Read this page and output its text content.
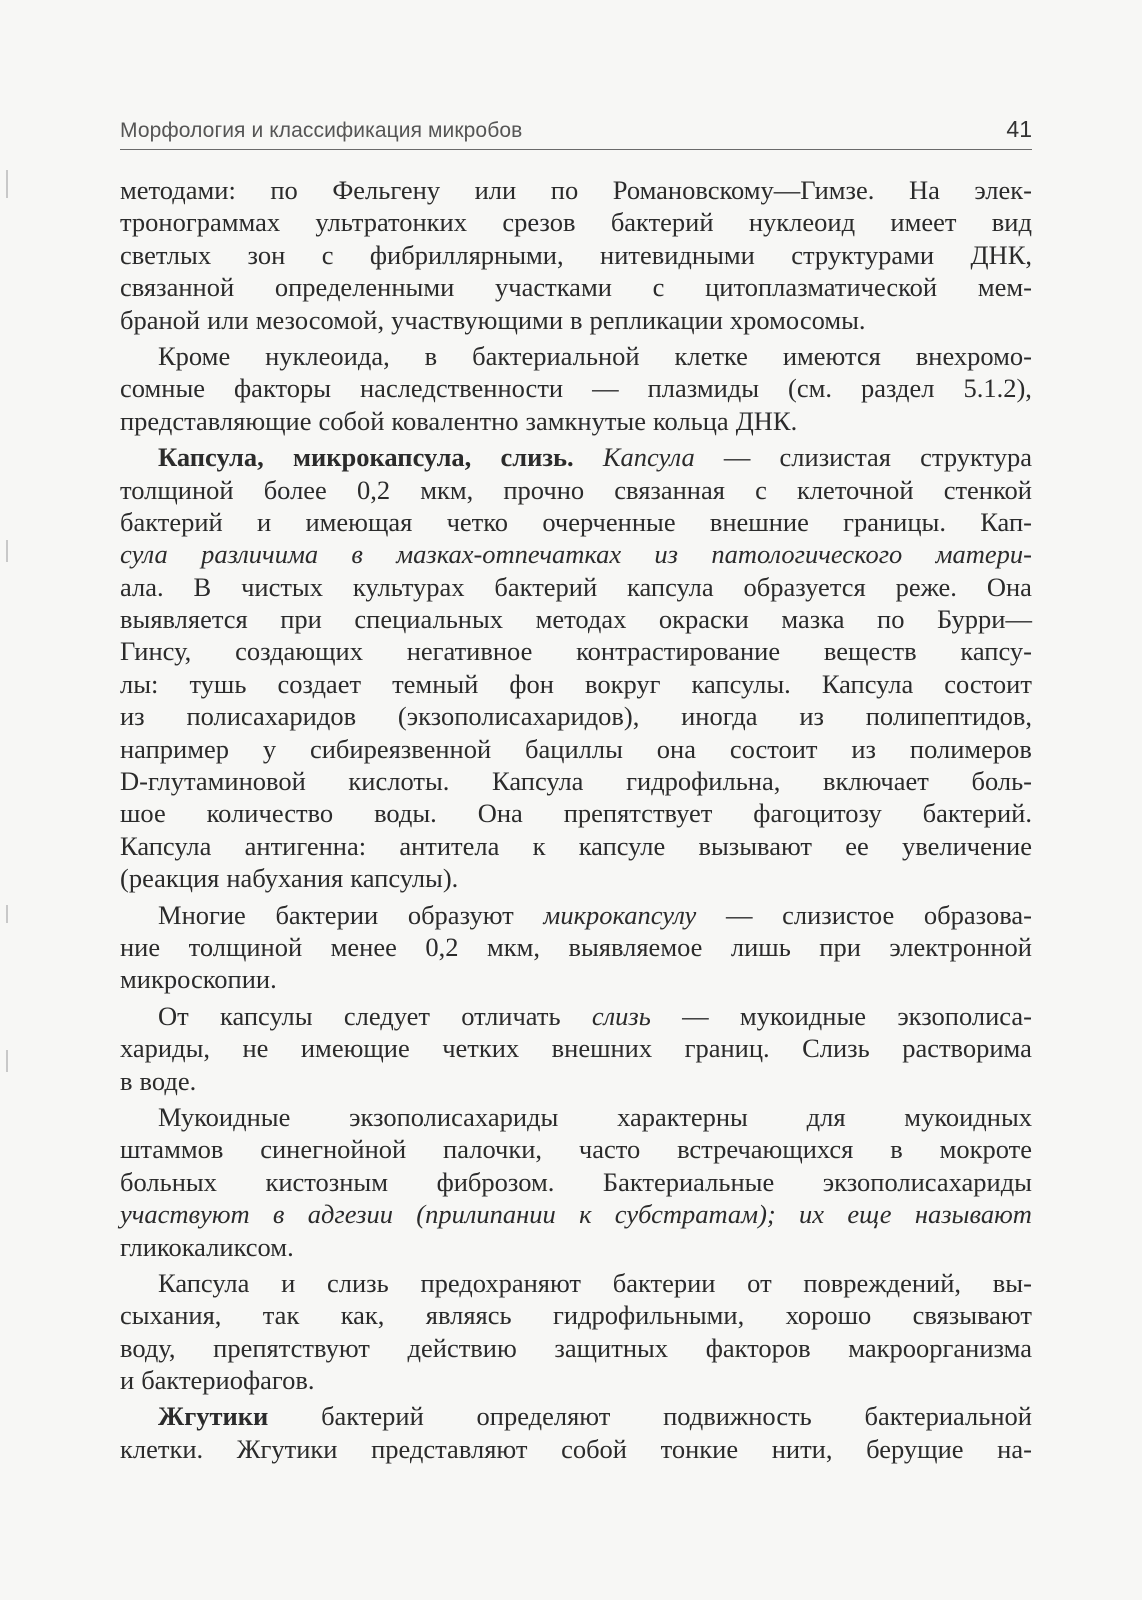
Морфология и классификация микробов	41
методами: по Фельгену или по Романовскому—Гимзе. На элек-
тронограммах ультратонких срезов бактерий нуклеоид имеет вид
светлых зон с фибриллярными, нитевидными структурами ДНК,
связанной определенными участками с цитоплазматической мем-
браной или мезосомой, участвующими в репликации хромосомы.
Кроме нуклеоида, в бактериальной клетке имеются внехромо-
сомные факторы наследственности — плазмиды (см. раздел 5.1.2),
представляющие собой ковалентно замкнутые кольца ДНК.
Капсула, микрокапсула, слизь. Капсула — слизистая структура
толщиной более 0,2 мкм, прочно связанная с клеточной стенкой
бактерий и имеющая четко очерченные внешние границы. Кап-
сула различима в мазках-отпечатках из патологического матери-
ала. В чистых культурах бактерий капсула образуется реже. Она
выявляется при специальных методах окраски мазка по Бурри—
Гинсу, создающих негативное контрастирование веществ капсу-
лы: тушь создает темный фон вокруг капсулы. Капсула состоит
из полисахаридов (экзополисахаридов), иногда из полипептидов,
например у сибиреязвенной бациллы она состоит из полимеров
D-глутаминовой кислоты. Капсула гидрофильна, включает боль-
шое количество воды. Она препятствует фагоцитозу бактерий.
Капсула антигенна: антитела к капсуле вызывают ее увеличение
(реакция набухания капсулы).
Многие бактерии образуют микрокапсулу — слизистое образова-
ние толщиной менее 0,2 мкм, выявляемое лишь при электронной
микроскопии.
От капсулы следует отличать слизь — мукоидные экзополиса-
хариды, не имеющие четких внешних границ. Слизь растворима
в воде.
Мукоидные экзополисахариды характерны для мукоидных
штаммов синегнойной палочки, часто встречающихся в мокроте
больных кистозным фиброзом. Бактериальные экзополисахариды
участвуют в адгезии (прилипании к субстратам); их еще называют
гликокаликсом.
Капсула и слизь предохраняют бактерии от повреждений, вы-
сыхания, так как, являясь гидрофильными, хорошо связывают
воду, препятствуют действию защитных факторов макроорганизма
и бактериофагов.
Жгутики бактерий определяют подвижность бактериальной
клетки. Жгутики представляют собой тонкие нити, берущие на-
